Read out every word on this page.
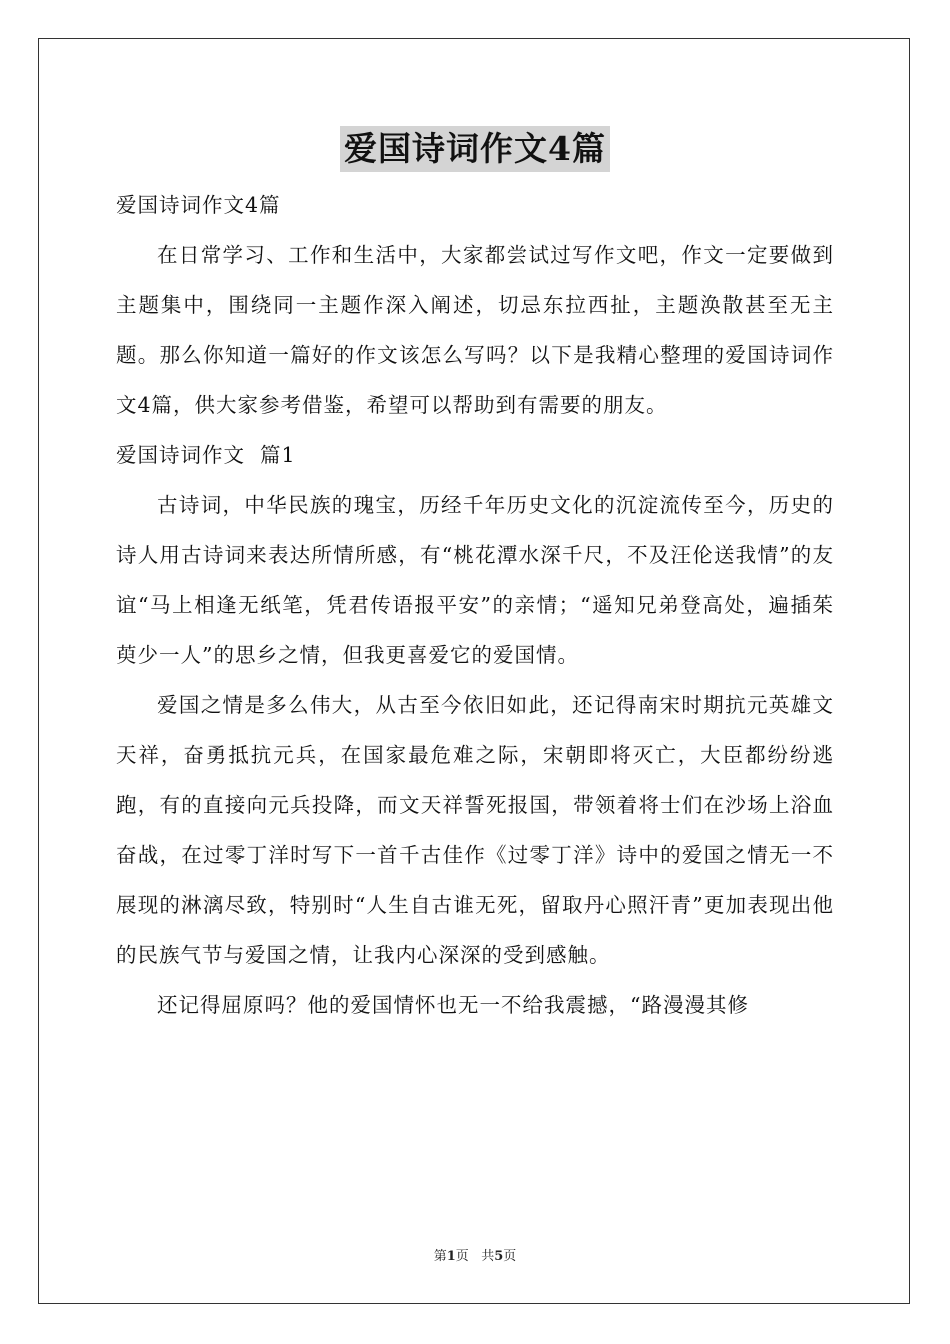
爱国诗词作文4篇

爱国诗词作文4篇

在日常学习、工作和生活中，大家都尝试过写作文吧，作文一定要做到主题集中，围绕同一主题作深入阐述，切忌东拉西扯，主题涣散甚至无主题。那么你知道一篇好的作文该怎么写吗？以下是我精心整理的爱国诗词作文4篇，供大家参考借鉴，希望可以帮助到有需要的朋友。

爱国诗词作文  篇1

古诗词，中华民族的瑰宝，历经千年历史文化的沉淀流传至今，历史的诗人用古诗词来表达所情所感，有“桃花潭水深千尺，不及汪伦送我情”的友谊“马上相逢无纸笔，凭君传语报平安”的亲情；“遥知兄弟登高处，遍插茱萸少一人”的思乡之情，但我更喜爱它的爱国情。

爱国之情是多么伟大，从古至今依旧如此，还记得南宋时期抗元英雄文天祥，奋勇抵抗元兵，在国家最危难之际，宋朝即将灭亡，大臣都纷纷逃跑，有的直接向元兵投降，而文天祥誓死报国，带领着将士们在沙场上浴血奋战，在过零丁洋时写下一首千古佳作《过零丁洋》诗中的爱国之情无一不展现的淋漓尽致，特别时“人生自古谁无死，留取丹心照汗青”更加表现出他的民族气节与爱国之情，让我内心深深的受到感触。

还记得屈原吗？他的爱国情怀也无一不给我震撼，“路漫漫其修

第1页 共5页
